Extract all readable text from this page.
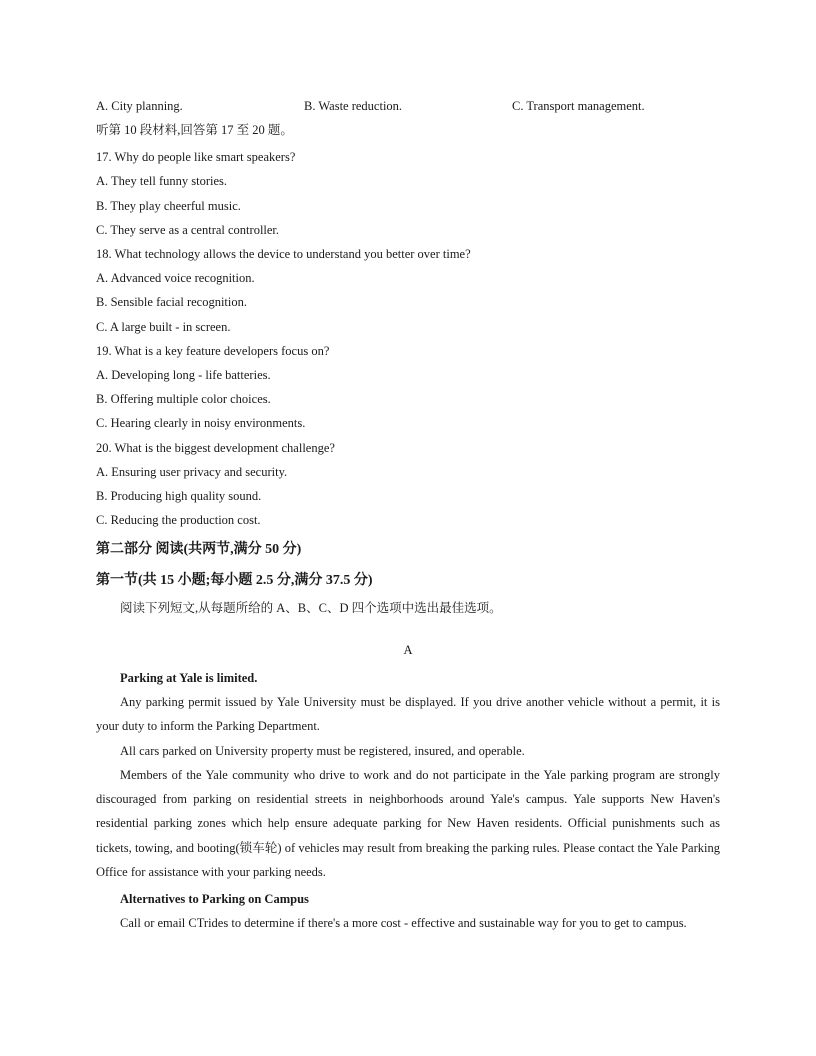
A. City planning.	B. Waste reduction.	C. Transport management.
听第 10 段材料,回答第 17 至 20 题。
17. Why do people like smart speakers?
A. They tell funny stories.
B. They play cheerful music.
C. They serve as a central controller.
18. What technology allows the device to understand you better over time?
A. Advanced voice recognition.
B. Sensible facial recognition.
C. A large built - in screen.
19. What is a key feature developers focus on?
A. Developing long - life batteries.
B. Offering multiple color choices.
C. Hearing clearly in noisy environments.
20. What is the biggest development challenge?
A. Ensuring user privacy and security.
B. Producing high quality sound.
C. Reducing the production cost.
第二部分 阅读(共两节,满分 50 分)
第一节(共 15 小题;每小题 2.5 分,满分 37.5 分)
阅读下列短文,从每题所给的 A、B、C、D 四个选项中选出最佳选项。
A
Parking at Yale is limited.
Any parking permit issued by Yale University must be displayed. If you drive another vehicle without a permit, it is your duty to inform the Parking Department.
All cars parked on University property must be registered, insured, and operable.
Members of the Yale community who drive to work and do not participate in the Yale parking program are strongly discouraged from parking on residential streets in neighborhoods around Yale's campus. Yale supports New Haven's residential parking zones which help ensure adequate parking for New Haven residents. Official punishments such as tickets, towing, and booting(锁车轮) of vehicles may result from breaking the parking rules. Please contact the Yale Parking Office for assistance with your parking needs.
Alternatives to Parking on Campus
Call or email CTrides to determine if there's a more cost - effective and sustainable way for you to get to campus.
